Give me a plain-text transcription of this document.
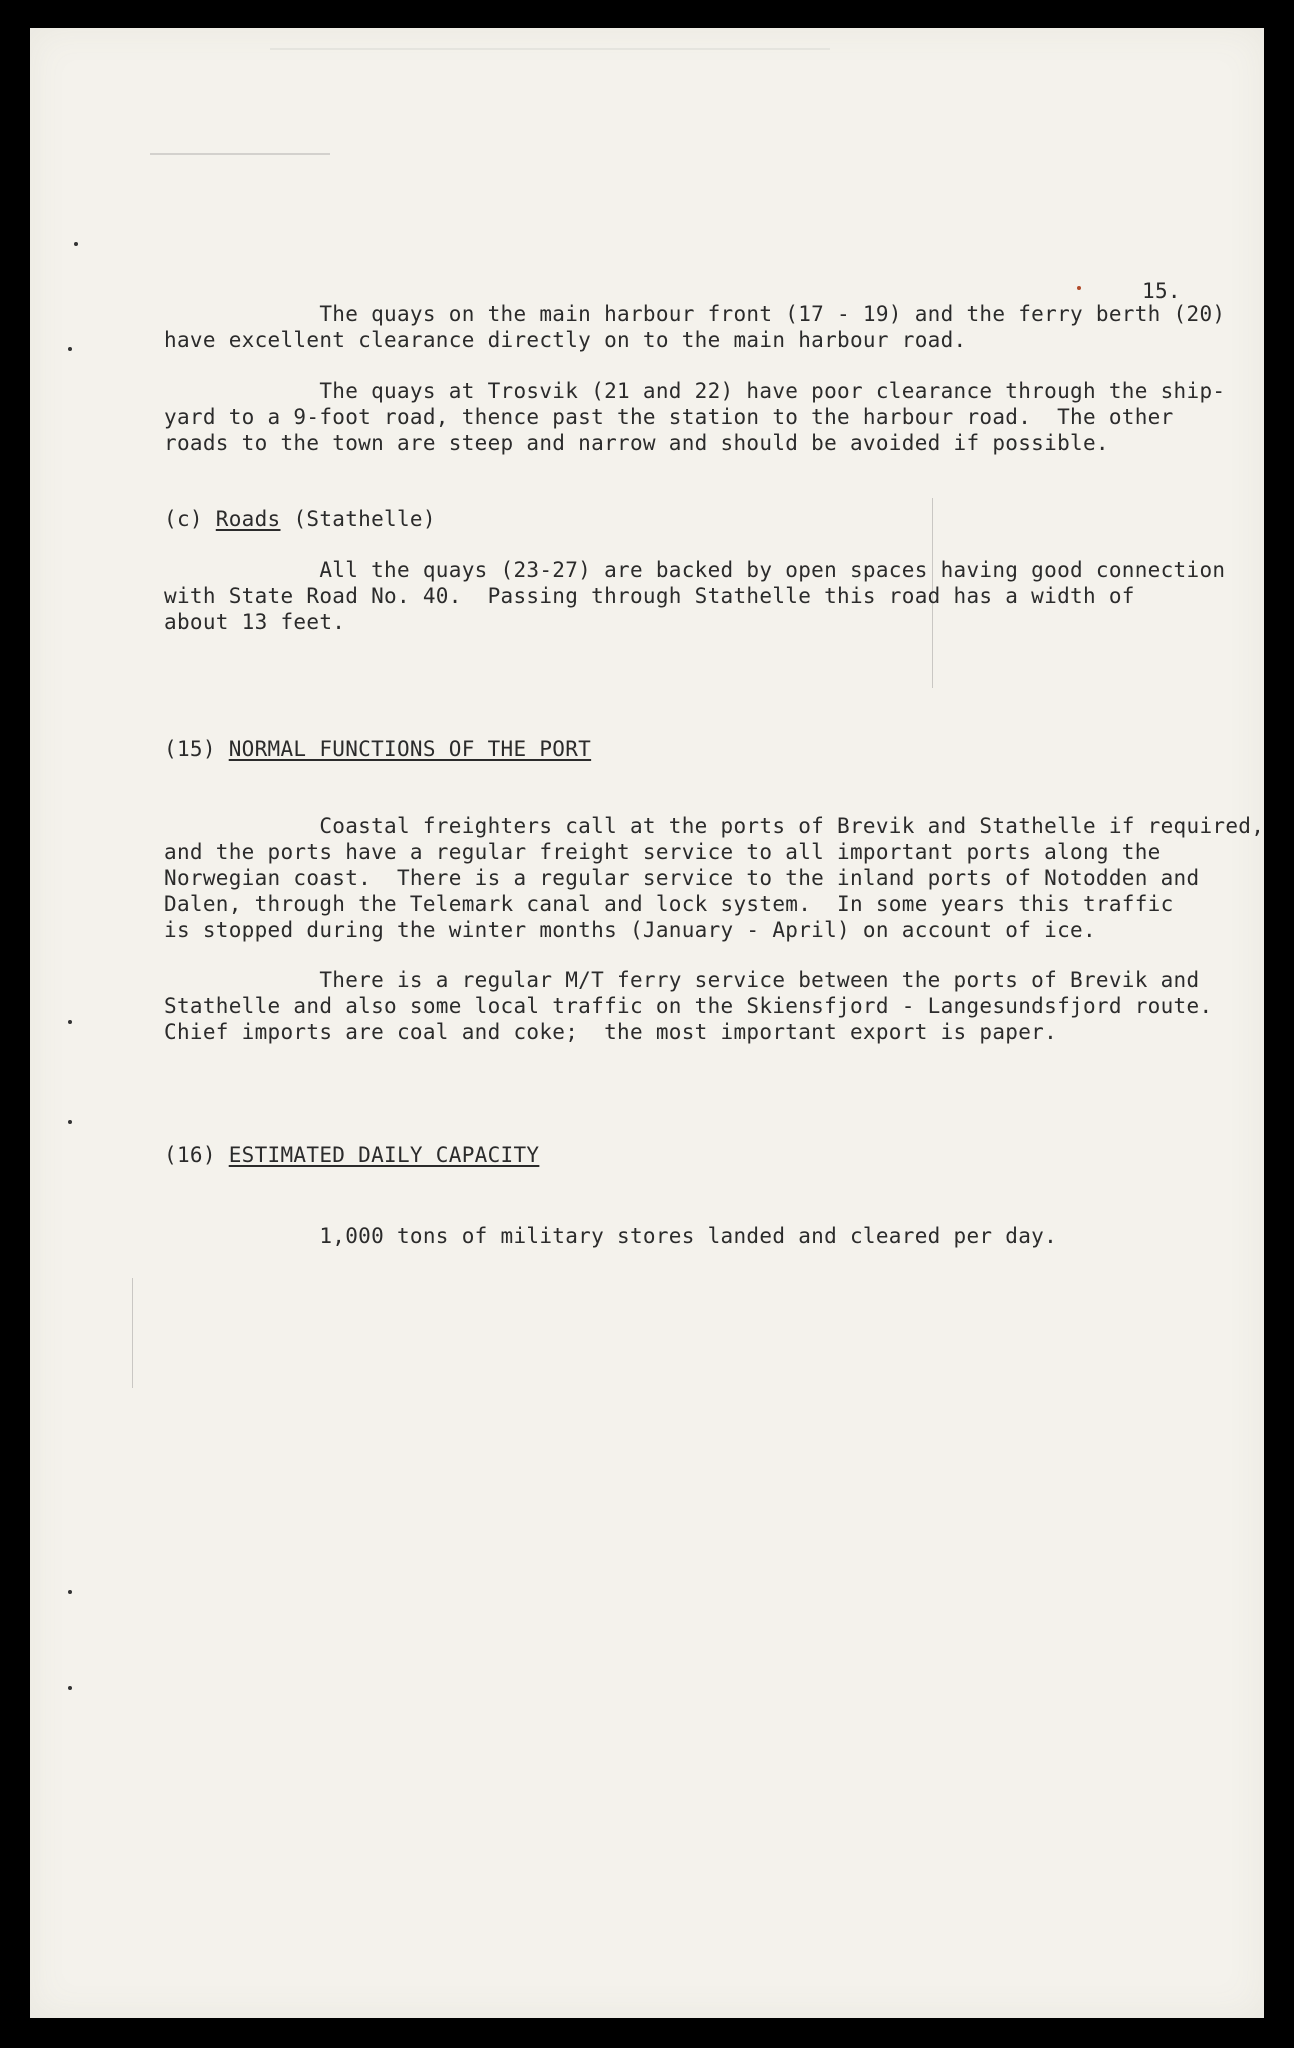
15.
The quays on the main harbour front (17 - 19) and the ferry berth (20)
have excellent clearance directly on to the main harbour road.
The quays at Trosvik (21 and 22) have poor clearance through the ship-
yard to a 9-foot road, thence past the station to the harbour road.  The other
roads to the town are steep and narrow and should be avoided if possible.
(c) Roads (Stathelle)
All the quays (23-27) are backed by open spaces having good connection
with State Road No. 40.  Passing through Stathelle this road has a width of
about 13 feet.
(15) NORMAL FUNCTIONS OF THE PORT
Coastal freighters call at the ports of Brevik and Stathelle if required,
and the ports have a regular freight service to all important ports along the
Norwegian coast.  There is a regular service to the inland ports of Notodden and
Dalen, through the Telemark canal and lock system.  In some years this traffic
is stopped during the winter months (January - April) on account of ice.
There is a regular M/T ferry service between the ports of Brevik and
Stathelle and also some local traffic on the Skiensfjord - Langesundsfjord route.
Chief imports are coal and coke;  the most important export is paper.
(16) ESTIMATED DAILY CAPACITY
1,000 tons of military stores landed and cleared per day.
